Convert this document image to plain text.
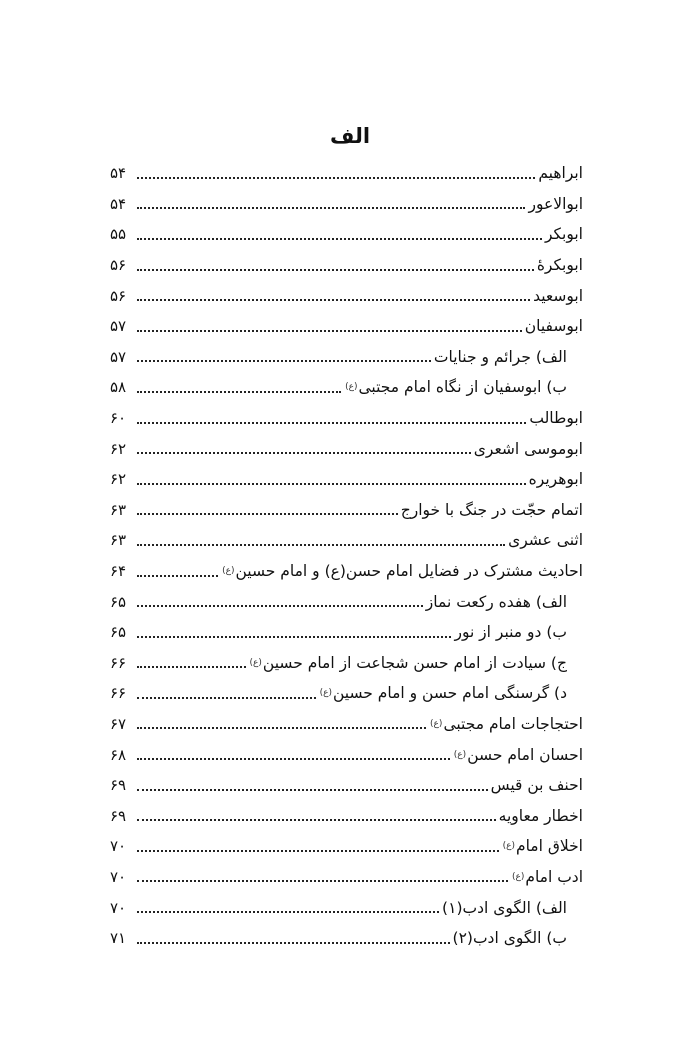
الف
ابراهیم
۵۴
ابوالاعور
۵۴
ابوبکر
۵۵
ابوبکرهٔ
۵۶
ابوسعید
۵۶
ابوسفیان
۵۷
الف) جرائم و جنایات
۵۷
ب) ابوسفیان از نگاه امام مجتبی
(ع)
۵۸
ابوطالب
۶۰
ابوموسی اشعری
۶۲
ابوهریره
۶۲
اتمام حجّت در جنگ با خوارج
۶۳
اثنی عشری
۶۳
احادیث مشترک در فضایل امام حسن(ع) و امام حسین
(ع)
۶۴
الف) هفده رکعت نماز
۶۵
ب) دو منبر از نور
۶۵
ج) سیادت از امام حسن شجاعت از امام حسین
(ع)
۶۶
د) گرسنگی امام حسن و امام حسین
(ع)
۶۶
احتجاجات امام مجتبی
(ع)
۶۷
احسان امام حسن
(ع)
۶۸
احنف بن قیس
۶۹
اخطار معاویه
۶۹
اخلاق امام
(ع)
۷۰
ادب امام
(ع)
۷۰
الف) الگوی ادب(۱)
۷۰
ب) الگوی ادب(۲)
۷۱
